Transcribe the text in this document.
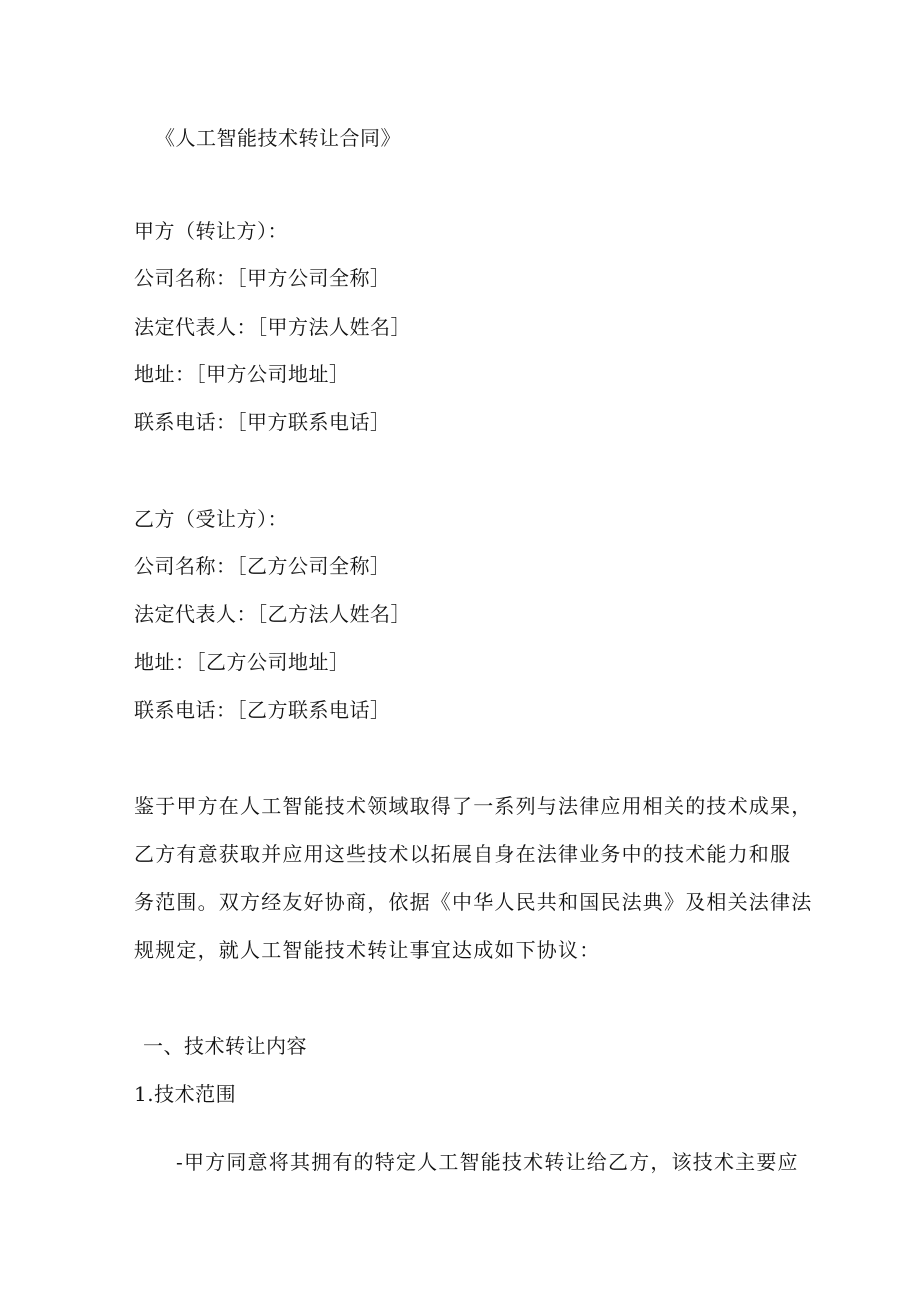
《人工智能技术转让合同》
甲方（转让方）：
公司名称：［甲方公司全称］
法定代表人：［甲方法人姓名］
地址：［甲方公司地址］
联系电话：［甲方联系电话］
乙方（受让方）：
公司名称：［乙方公司全称］
法定代表人：［乙方法人姓名］
地址：［乙方公司地址］
联系电话：［乙方联系电话］
鉴于甲方在人工智能技术领域取得了一系列与法律应用相关的技术成果，
乙方有意获取并应用这些技术以拓展自身在法律业务中的技术能力和服
务范围。双方经友好协商，依据《中华人民共和国民法典》及相关法律法
规规定，就人工智能技术转让事宜达成如下协议：
一、技术转让内容
1.技术范围
-甲方同意将其拥有的特定人工智能技术转让给乙方，该技术主要应
